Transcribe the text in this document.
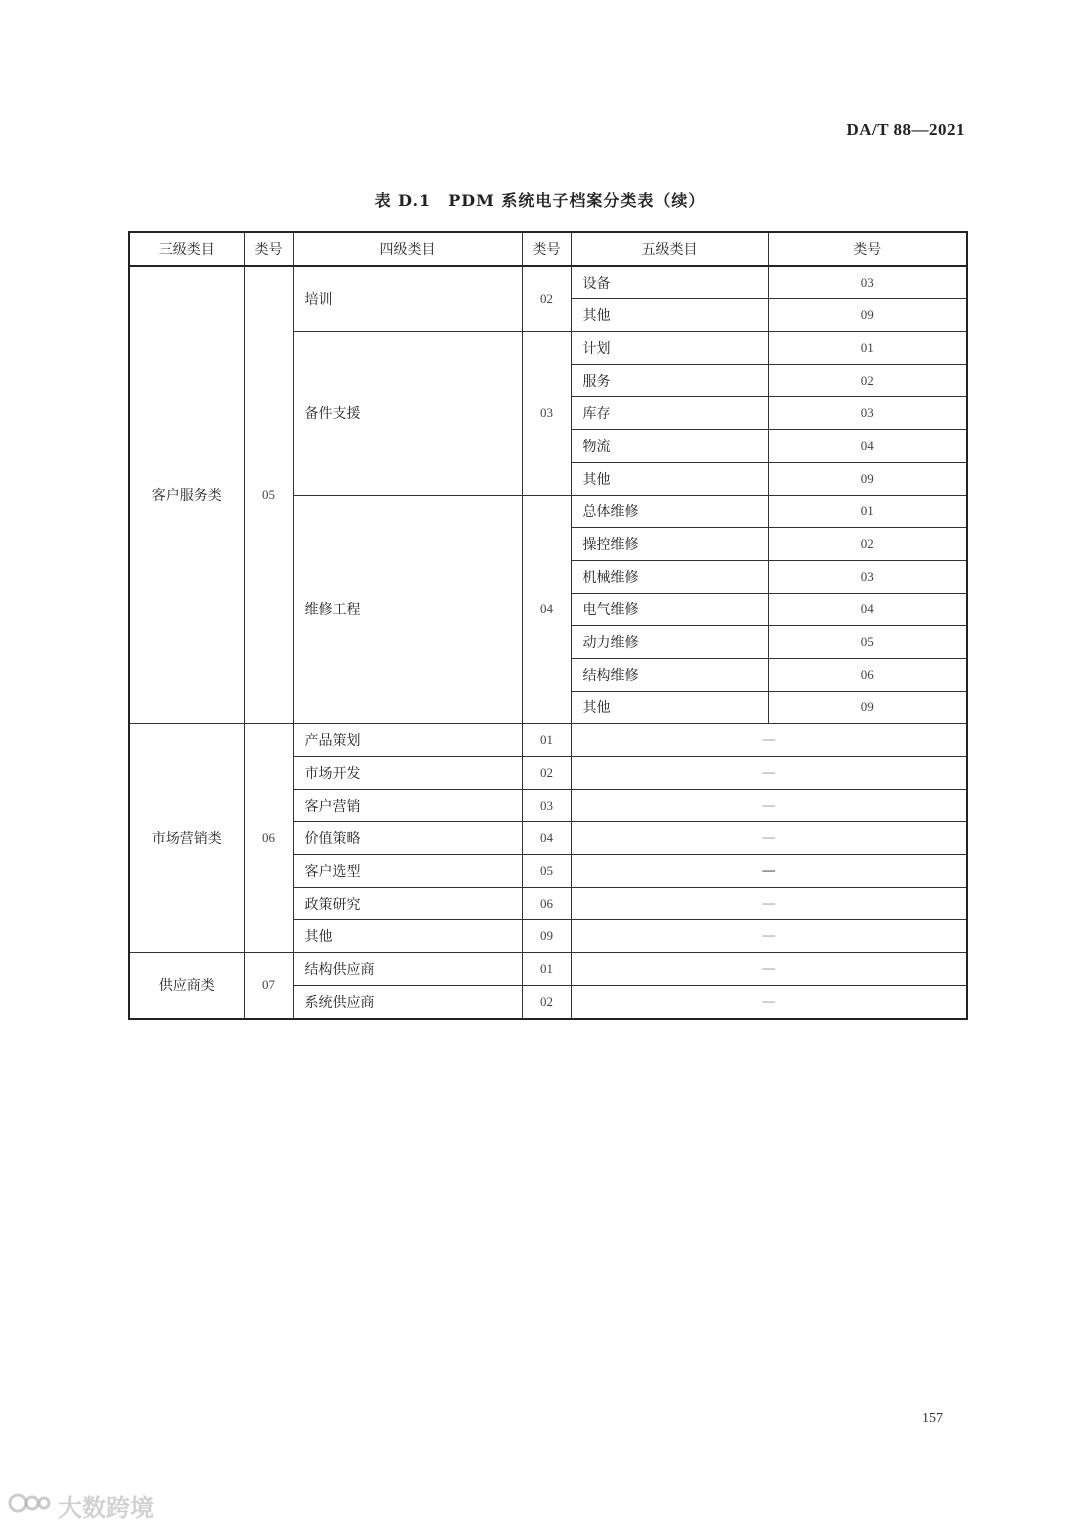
DA/T 88—2021
表 D.1　PDM 系统电子档案分类表（续）
三级类目	类号	四级类目	类号	五级类目	类号
客户服务类	05	培训	02	设备	03
				其他	09
		备件支援	03	计划	01
				服务	02
				库存	03
				物流	04
				其他	09
		维修工程	04	总体维修	01
				操控维修	02
				机械维修	03
				电气维修	04
				动力维修	05
				结构维修	06
				其他	09
市场营销类	06	产品策划	01	—	
		市场开发	02	—	
		客户营销	03	—	
		价值策略	04	—	
		客户选型	05	—	
		政策研究	06	—	
		其他	09	—	
供应商类	07	结构供应商	01	—	
		系统供应商	02	—	
157
大数跨境
